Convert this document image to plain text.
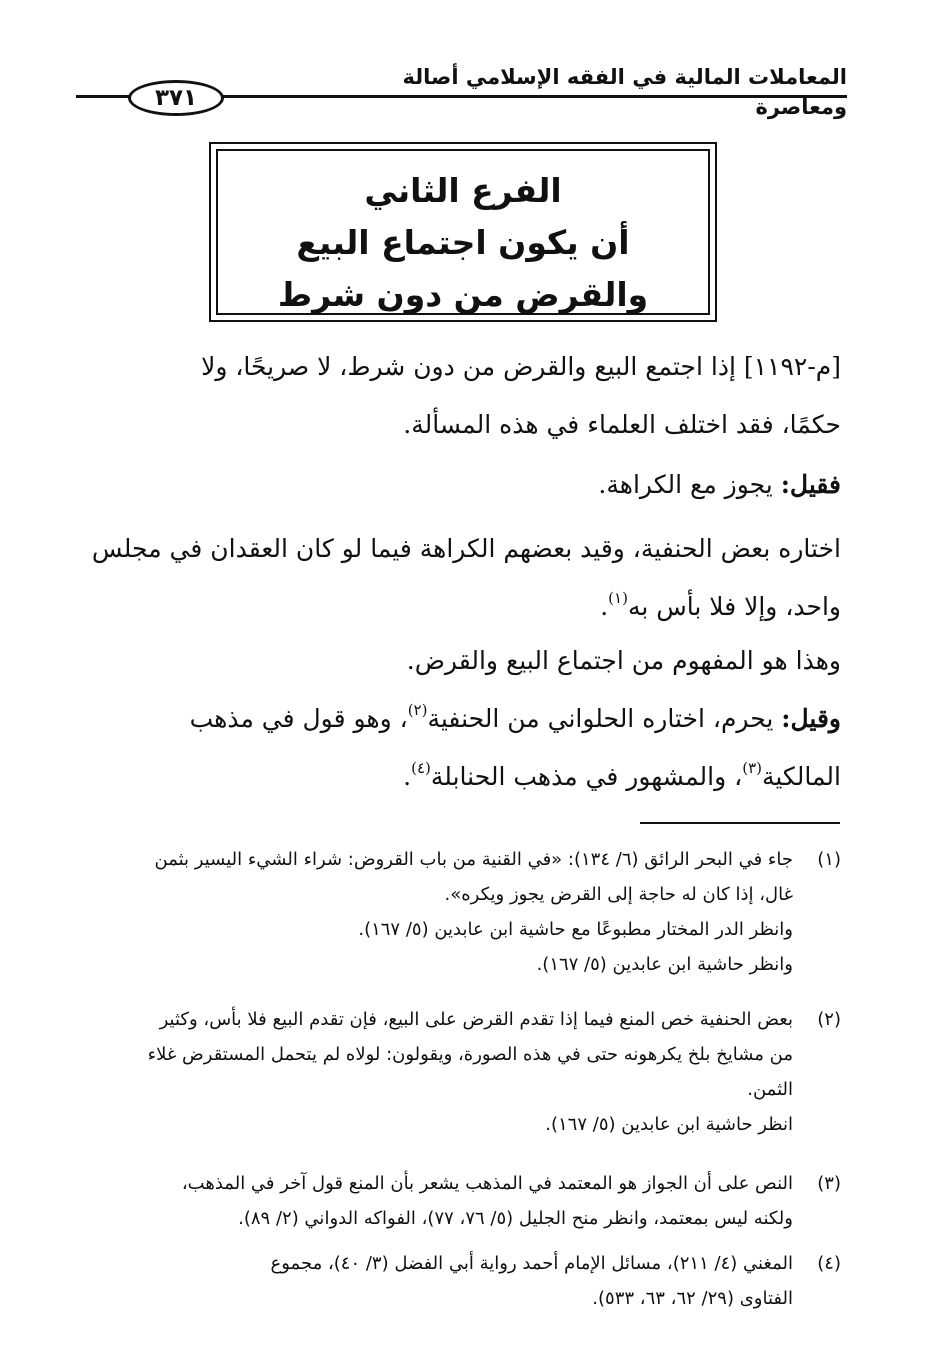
المعاملات المالية في الفقه الإسلامي أصالة ومعاصرة
٣٧١
الفرع الثاني
أن يكون اجتماع البيع
والقرض من دون شرط
[م-١١٩٢] إذا اجتمع البيع والقرض من دون شرط، لا صريحًا، ولا
حكمًا، فقد اختلف العلماء في هذه المسألة.
فقيل: يجوز مع الكراهة.
اختاره بعض الحنفية، وقيد بعضهم الكراهة فيما لو كان العقدان في مجلس
واحد، وإلا فلا بأس به$^{(١)}$.
وهذا هو المفهوم من اجتماع البيع والقرض.
وقيل: يحرم، اختاره الحلواني من الحنفية$^{(٢)}$، وهو قول في مذهب
المالكية$^{(٣)}$، والمشهور في مذهب الحنابلة$^{(٤)}$.
(١)
جاء في البحر الرائق (٦/ ١٣٤): «في القنية من باب القروض: شراء الشيء اليسير بثمن
غال، إذا كان له حاجة إلى القرض يجوز ويكره».
وانظر الدر المختار مطبوعًا مع حاشية ابن عابدين (٥/ ١٦٧).
وانظر حاشية ابن عابدين (٥/ ١٦٧).
(٢)
بعض الحنفية خص المنع فيما إذا تقدم القرض على البيع، فإن تقدم البيع فلا بأس، وكثير
من مشايخ بلخ يكرهونه حتى في هذه الصورة، ويقولون: لولاه لم يتحمل المستقرض غلاء
الثمن.
انظر حاشية ابن عابدين (٥/ ١٦٧).
(٣)
النص على أن الجواز هو المعتمد في المذهب يشعر بأن المنع قول آخر في المذهب،
ولكنه ليس بمعتمد، وانظر منح الجليل (٥/ ٧٦، ٧٧)، الفواكه الدواني (٢/ ٨٩).
(٤)
المغني (٤/ ٢١١)، مسائل الإمام أحمد رواية أبي الفضل (٣/ ٤٠)، مجموع
الفتاوى (٢٩/ ٦٢، ٦٣، ٥٣٣).
